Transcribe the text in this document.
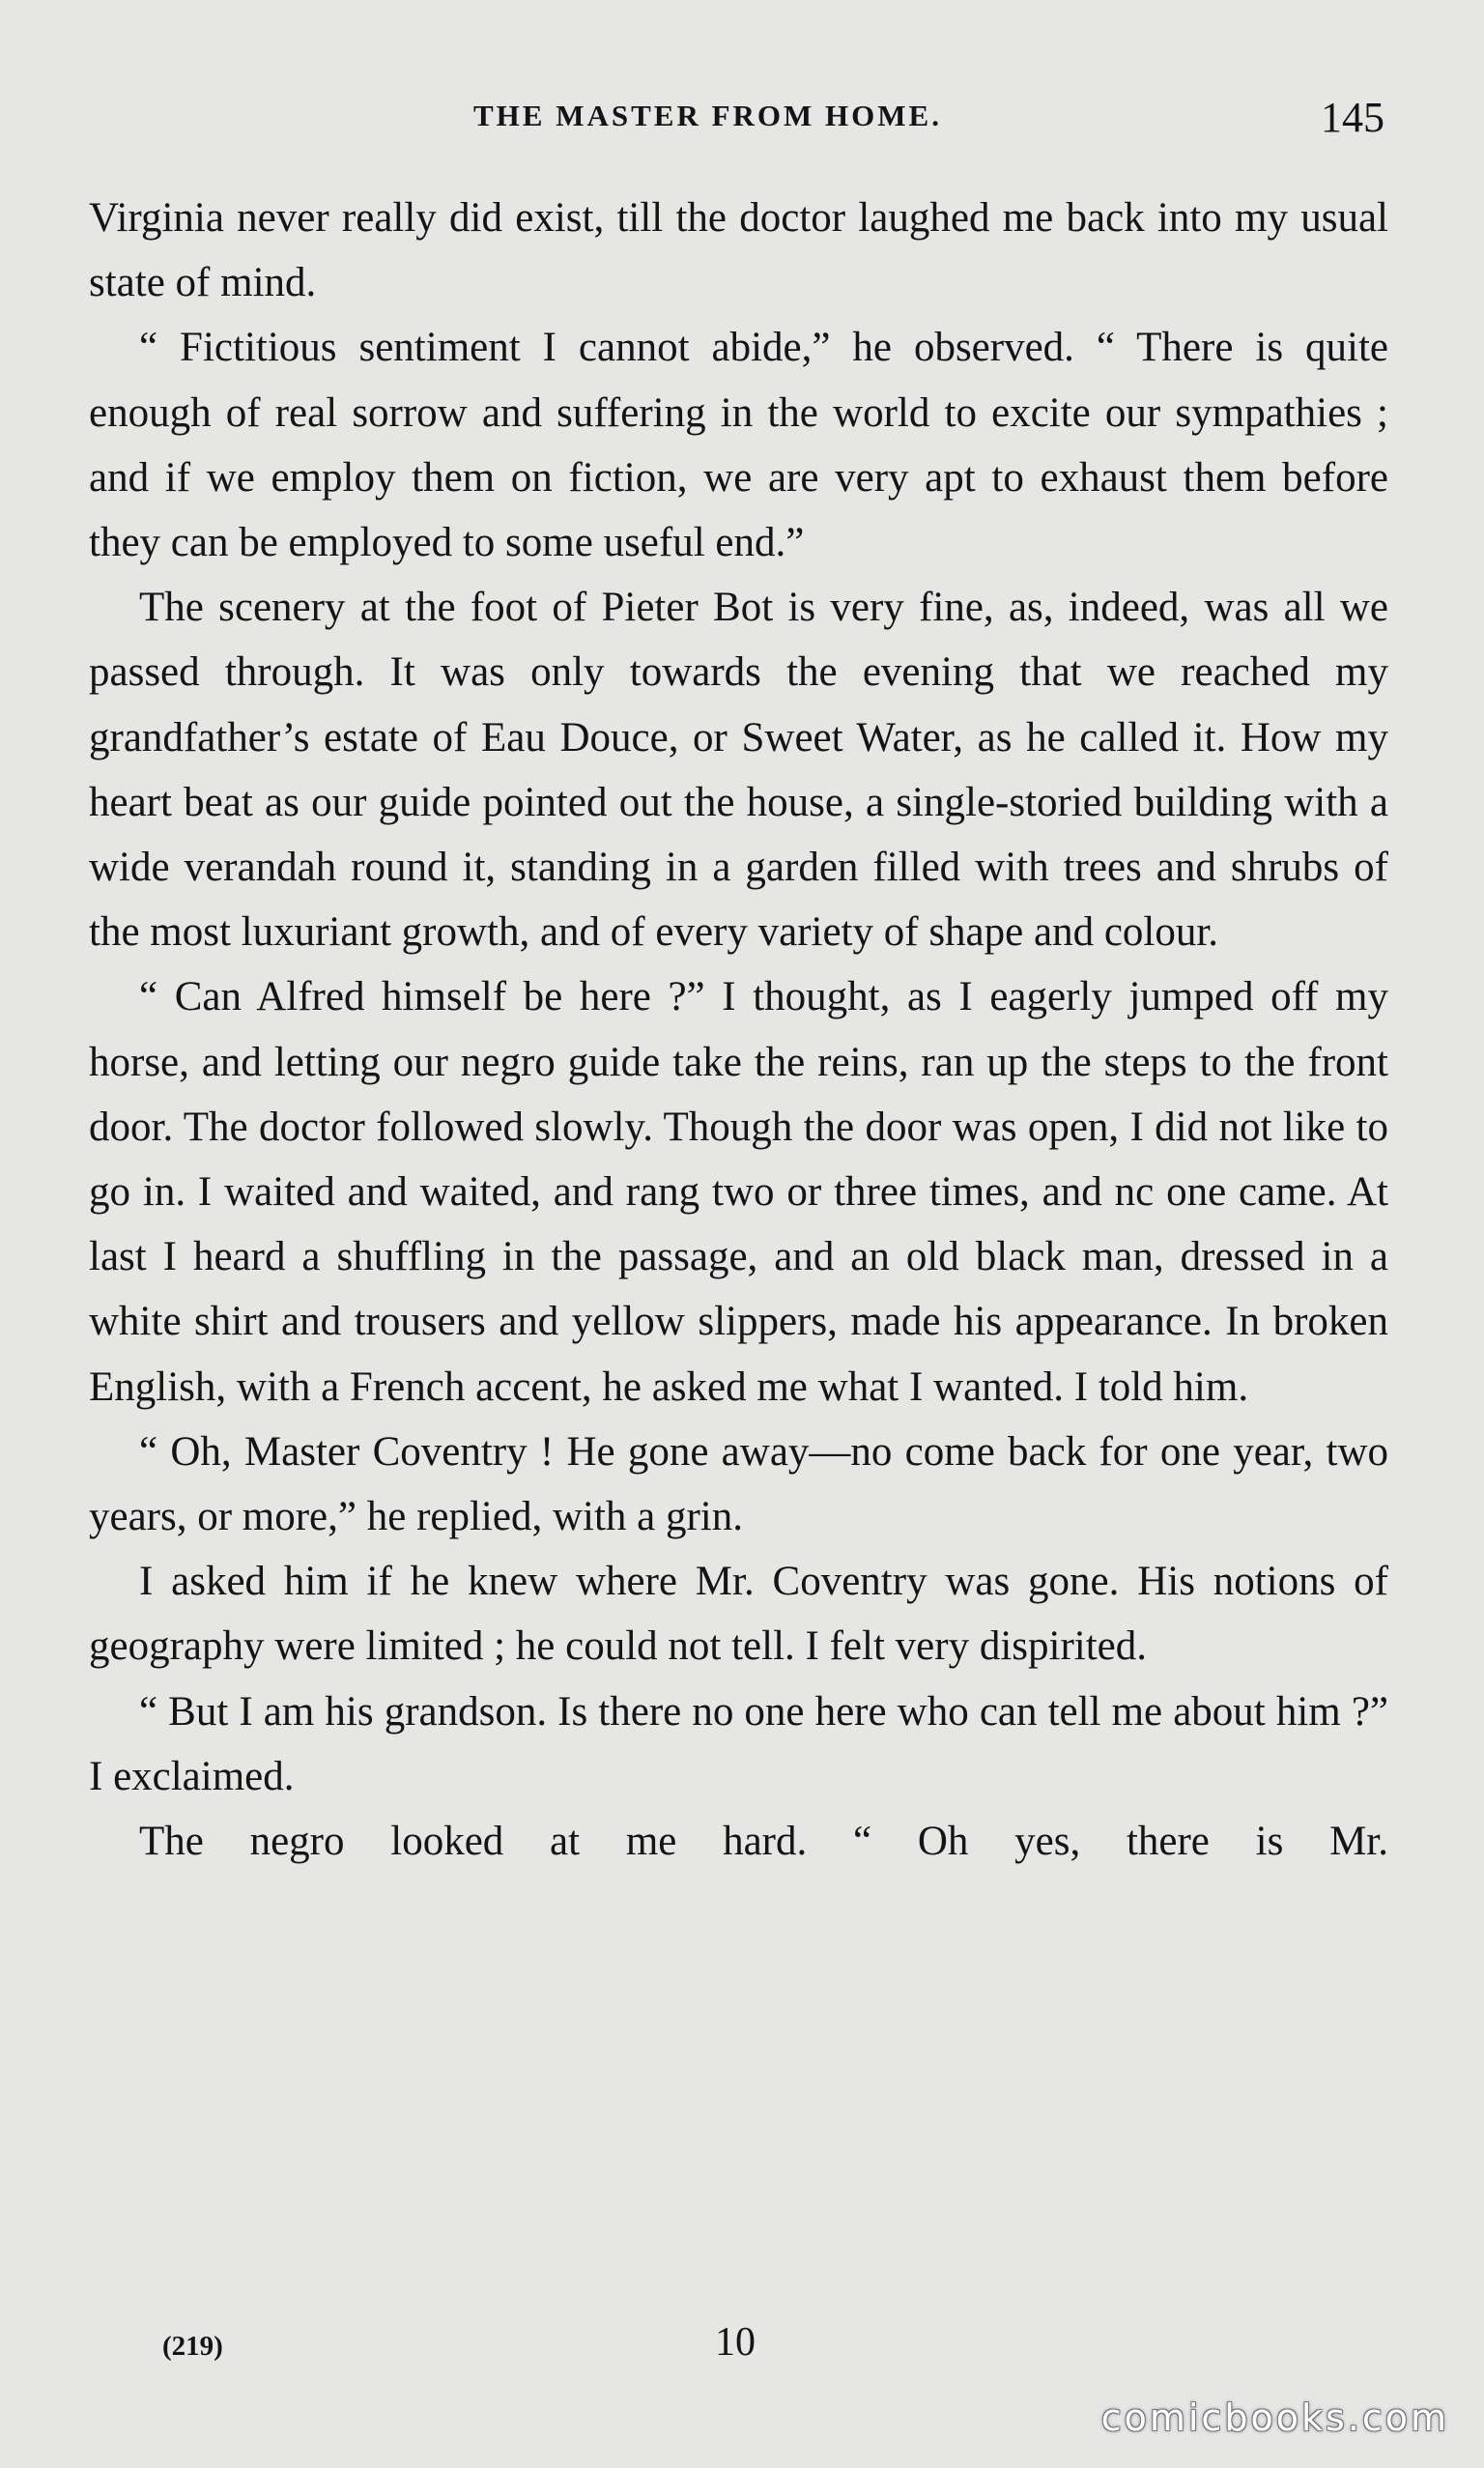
THE MASTER FROM HOME.	145

Virginia never really did exist, till the doctor laughed me back into my usual state of mind.

“ Fictitious sentiment I cannot abide,” he observed. “ There is quite enough of real sorrow and suffering in the world to excite our sympathies ; and if we employ them on fiction, we are very apt to exhaust them before they can be employed to some useful end.”

The scenery at the foot of Pieter Bot is very fine, as, indeed, was all we passed through. It was only towards the evening that we reached my grandfather’s estate of Eau Douce, or Sweet Water, as he called it. How my heart beat as our guide pointed out the house, a single-storied building with a wide verandah round it, standing in a garden filled with trees and shrubs of the most luxuriant growth, and of every variety of shape and colour.

“ Can Alfred himself be here ?” I thought, as I eagerly jumped off my horse, and letting our negro guide take the reins, ran up the steps to the front door. The doctor followed slowly. Though the door was open, I did not like to go in. I waited and waited, and rang two or three times, and nc one came. At last I heard a shuffling in the passage, and an old black man, dressed in a white shirt and trousers and yellow slippers, made his appearance. In broken English, with a French accent, he asked me what I wanted. I told him.

“ Oh, Master Coventry ! He gone away—no come back for one year, two years, or more,” he replied, with a grin.

I asked him if he knew where Mr. Coventry was gone. His notions of geography were limited ; he could not tell. I felt very dispirited.

“ But I am his grandson. Is there no one here who can tell me about him ?” I exclaimed.

The negro looked at me hard. “ Oh yes, there is Mr.

(219)	10
comicbooks.com
